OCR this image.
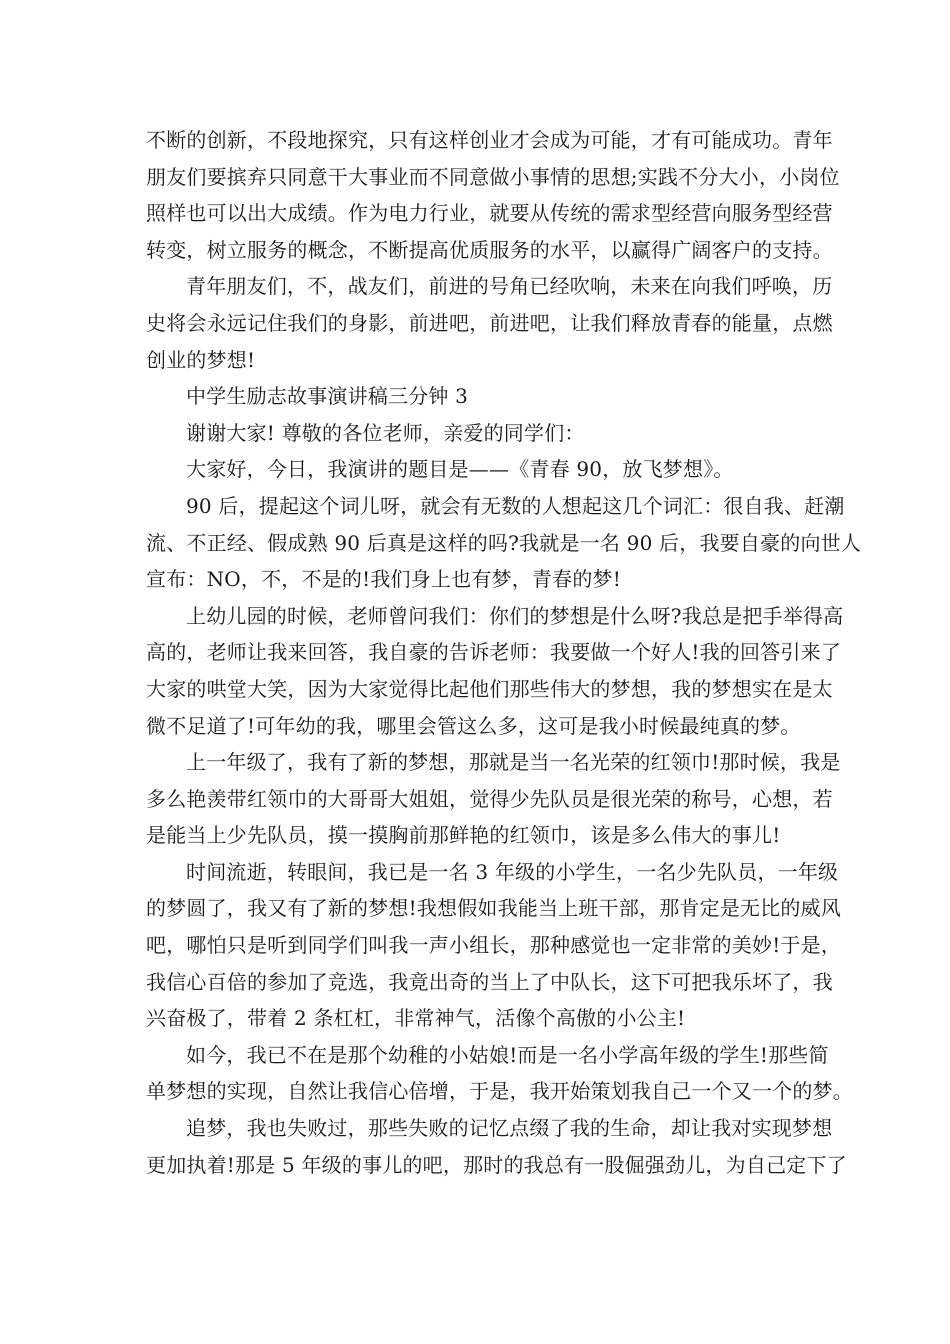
不断的创新，不段地探究，只有这样创业才会成为可能，才有可能成功。青年
朋友们要摈弃只同意干大事业而不同意做小事情的思想;实践不分大小，小岗位
照样也可以出大成绩。作为电力行业，就要从传统的需求型经营向服务型经营
转变，树立服务的概念，不断提高优质服务的水平，以赢得广阔客户的支持。
青年朋友们，不，战友们，前进的号角已经吹响，未来在向我们呼唤，历
史将会永远记住我们的身影，前进吧，前进吧，让我们释放青春的能量，点燃
创业的梦想!
中学生励志故事演讲稿三分钟 3
谢谢大家! 尊敬的各位老师，亲爱的同学们：
大家好，今日，我演讲的题目是——《青春 90，放飞梦想》。
90 后，提起这个词儿呀，就会有无数的人想起这几个词汇：很自我、赶潮
流、不正经、假成熟 90 后真是这样的吗?我就是一名 90 后，我要自豪的向世人
宣布：NO，不，不是的!我们身上也有梦，青春的梦!
上幼儿园的时候，老师曾问我们：你们的梦想是什么呀?我总是把手举得高
高的，老师让我来回答，我自豪的告诉老师：我要做一个好人!我的回答引来了
大家的哄堂大笑，因为大家觉得比起他们那些伟大的梦想，我的梦想实在是太
微不足道了!可年幼的我，哪里会管这么多，这可是我小时候最纯真的梦。
上一年级了，我有了新的梦想，那就是当一名光荣的红领巾!那时候，我是
多么艳羡带红领巾的大哥哥大姐姐，觉得少先队员是很光荣的称号，心想，若
是能当上少先队员，摸一摸胸前那鲜艳的红领巾，该是多么伟大的事儿!
时间流逝，转眼间，我已是一名 3 年级的小学生，一名少先队员，一年级
的梦圆了，我又有了新的梦想!我想假如我能当上班干部，那肯定是无比的威风
吧，哪怕只是听到同学们叫我一声小组长，那种感觉也一定非常的美妙!于是，
我信心百倍的参加了竞选，我竟出奇的当上了中队长，这下可把我乐坏了，我
兴奋极了，带着 2 条杠杠，非常神气，活像个高傲的小公主!
如今，我已不在是那个幼稚的小姑娘!而是一名小学高年级的学生!那些简
单梦想的实现，自然让我信心倍增，于是，我开始策划我自己一个又一个的梦。
追梦，我也失败过，那些失败的记忆点缀了我的生命，却让我对实现梦想
更加执着!那是 5 年级的事儿的吧，那时的我总有一股倔强劲儿，为自己定下了
